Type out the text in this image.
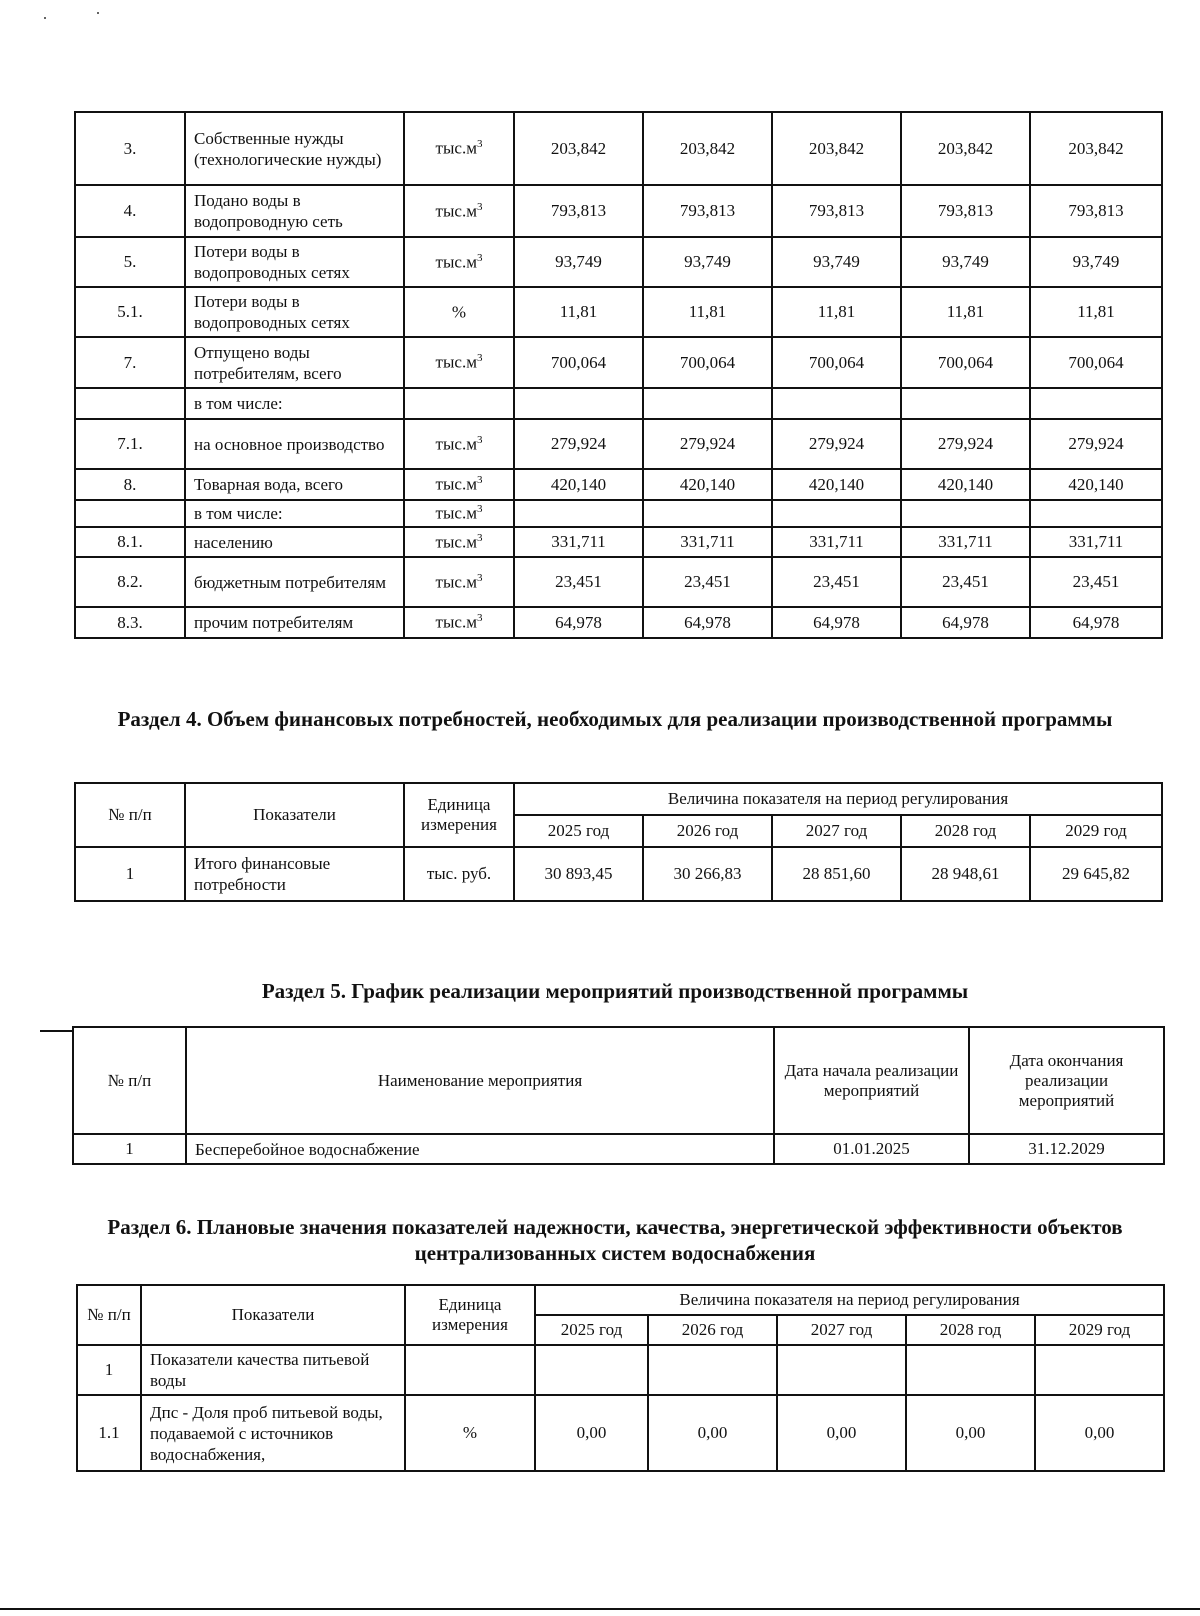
3.	Собственные нужды (технологические нужды)	$тыс.м^3$	203,842	203,842	203,842	203,842	203,842
4.	Подано воды в водопроводную сеть	$тыс.м^3$	793,813	793,813	793,813	793,813	793,813
5.	Потери воды в водопроводных сетях	$тыс.м^3$	93,749	93,749	93,749	93,749	93,749
5.1.	Потери воды в водопроводных сетях	%	11,81	11,81	11,81	11,81	11,81
7.	Отпущено воды потребителям, всего	$тыс.м^3$	700,064	700,064	700,064	700,064	700,064
	в том числе:						
7.1.	на основное производство	$тыс.м^3$	279,924	279,924	279,924	279,924	279,924
8.	Товарная вода, всего	$тыс.м^3$	420,140	420,140	420,140	420,140	420,140
	в том числе:	$тыс.м^3$					
8.1.	населению	$тыс.м^3$	331,711	331,711	331,711	331,711	331,711
8.2.	бюджетным потребителям	$тыс.м^3$	23,451	23,451	23,451	23,451	23,451
8.3.	прочим потребителям	$тыс.м^3$	64,978	64,978	64,978	64,978	64,978
Раздел 4. Объем финансовых потребностей, необходимых для реализации производственной программы
№ п/п	Показатели	Единица измерения	Величина показателя на период регулирования				
			2025 год	2026 год	2027 год	2028 год	2029 год
1	Итого финансовые потребности	тыс. руб.	30 893,45	30 266,83	28 851,60	28 948,61	29 645,82
Раздел 5. График реализации мероприятий производственной программы
№ п/п	Наименование мероприятия	Дата начала реализации мероприятий	Дата окончания реализации мероприятий
1	Бесперебойное водоснабжение	01.01.2025	31.12.2029
Раздел 6. Плановые значения показателей надежности, качества, энергетической эффективности объектов централизованных систем водоснабжения
№ п/п	Показатели	Единица измерения	Величина показателя на период регулирования				
			2025 год	2026 год	2027 год	2028 год	2029 год
1	Показатели качества питьевой воды						
1.1	Дпс - Доля проб питьевой воды, подаваемой с источников водоснабжения,	%	0,00	0,00	0,00	0,00	0,00
